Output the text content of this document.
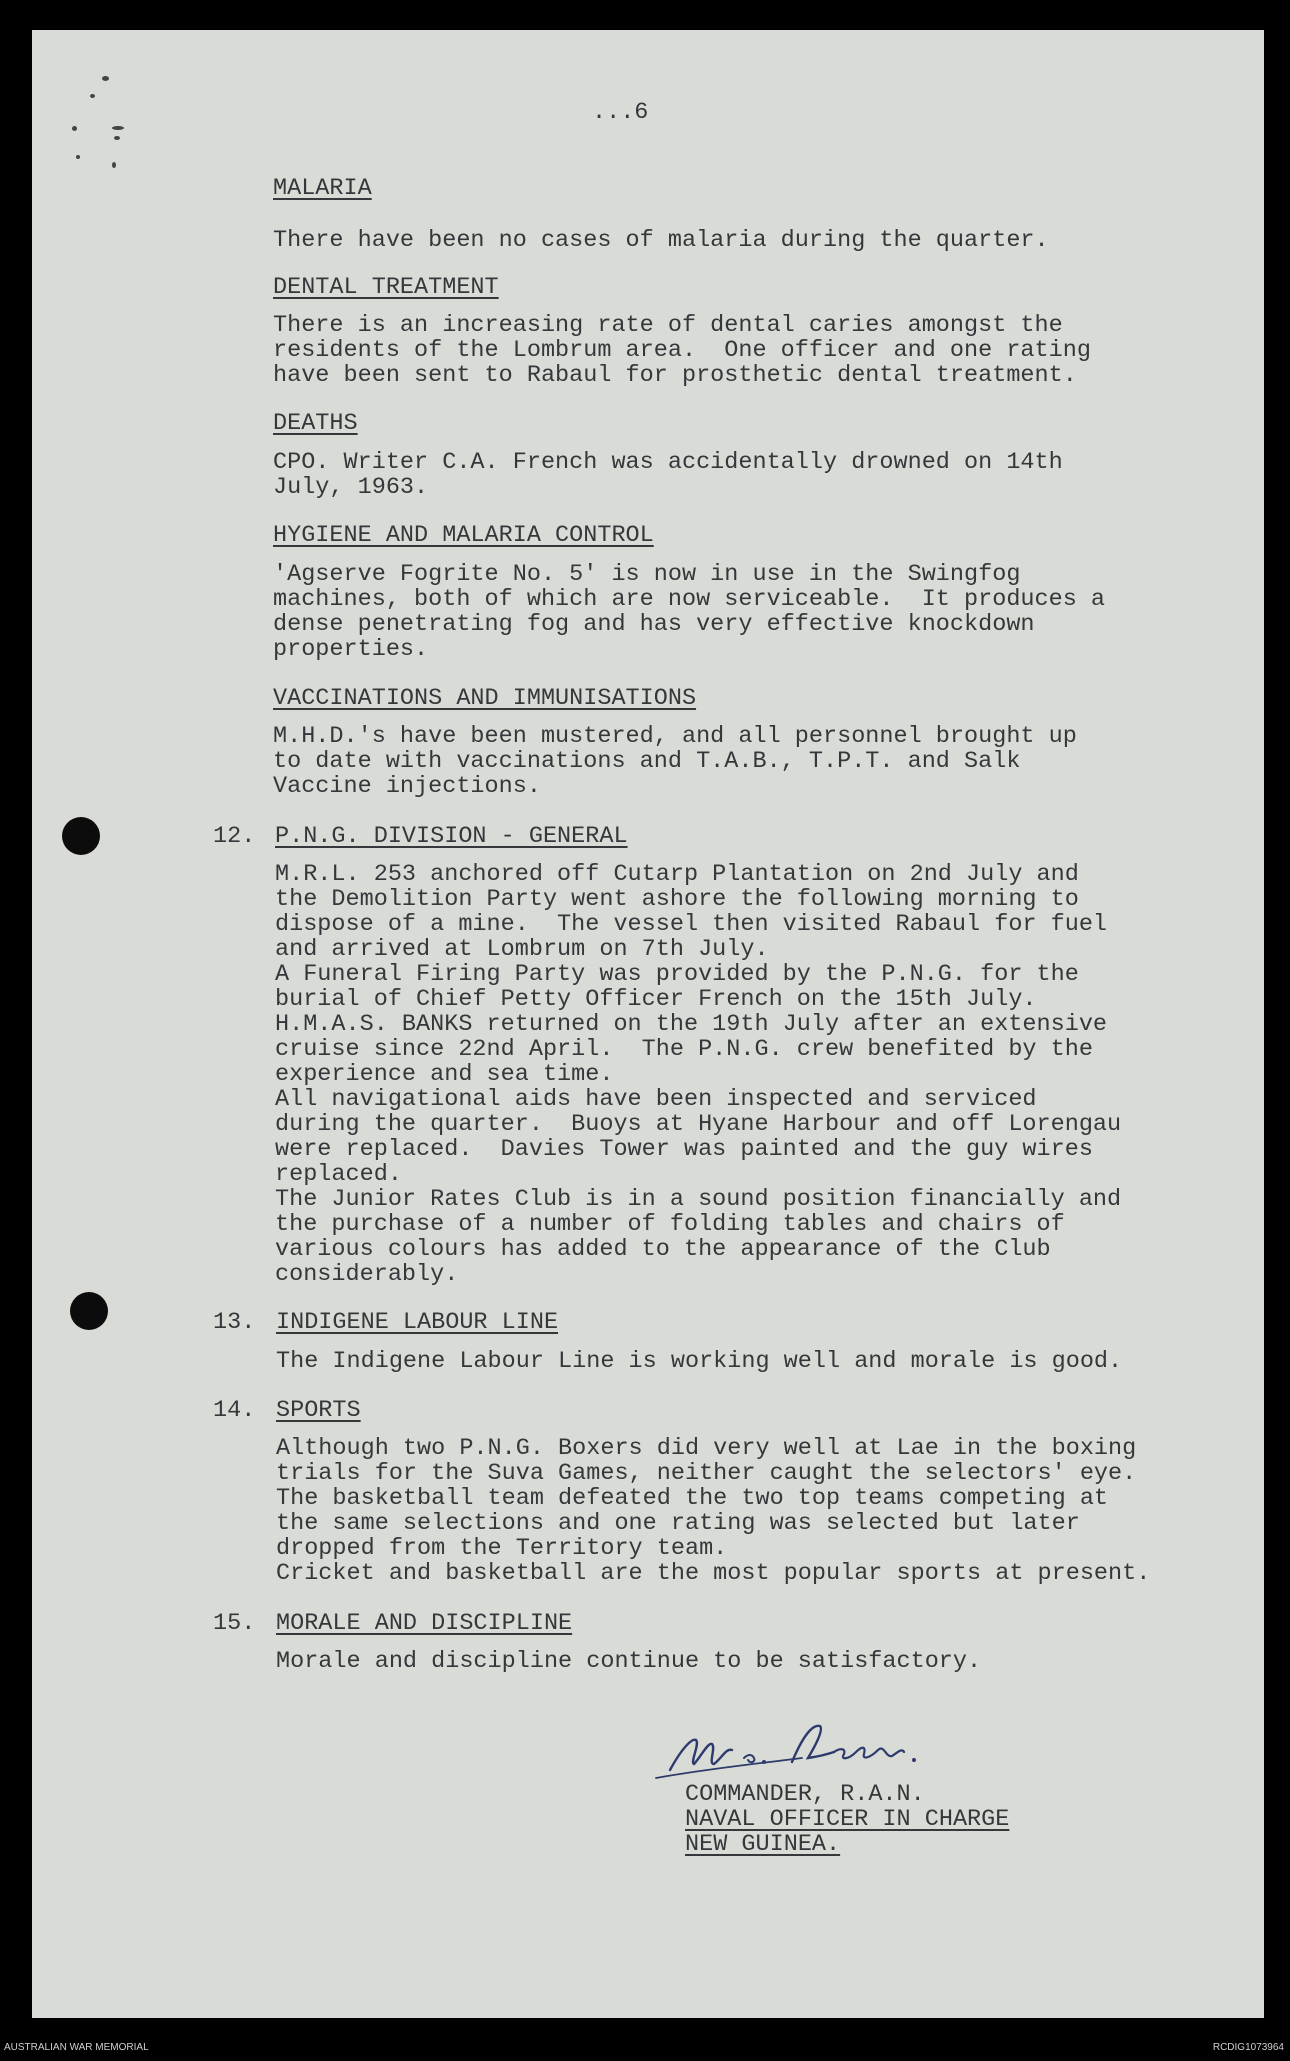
...6

MALARIA

There have been no cases of malaria during the quarter.

DENTAL TREATMENT

There is an increasing rate of dental caries amongst the

residents of the Lombrum area.  One officer and one rating

have been sent to Rabaul for prosthetic dental treatment.

DEATHS

CPO. Writer C.A. French was accidentally drowned on 14th

July, 1963.

HYGIENE AND MALARIA CONTROL

'Agserve Fogrite No. 5' is now in use in the Swingfog

machines, both of which are now serviceable.  It produces a

dense penetrating fog and has very effective knockdown

properties.

VACCINATIONS AND IMMUNISATIONS

M.H.D.'s have been mustered, and all personnel brought up

to date with vaccinations and T.A.B., T.P.T. and Salk

Vaccine injections.

12. P.N.G. DIVISION - GENERAL

M.R.L. 253 anchored off Cutarp Plantation on 2nd July and

the Demolition Party went ashore the following morning to

dispose of a mine.  The vessel then visited Rabaul for fuel

and arrived at Lombrum on 7th July.

A Funeral Firing Party was provided by the P.N.G. for the

burial of Chief Petty Officer French on the 15th July.

H.M.A.S. BANKS returned on the 19th July after an extensive

cruise since 22nd April.  The P.N.G. crew benefited by the

experience and sea time.

All navigational aids have been inspected and serviced

during the quarter.  Buoys at Hyane Harbour and off Lorengau

were replaced.  Davies Tower was painted and the guy wires

replaced.

The Junior Rates Club is in a sound position financially and

the purchase of a number of folding tables and chairs of

various colours has added to the appearance of the Club

considerably.

13. INDIGENE LABOUR LINE

The Indigene Labour Line is working well and morale is good.

14. SPORTS

Although two P.N.G. Boxers did very well at Lae in the boxing

trials for the Suva Games, neither caught the selectors' eye.

The basketball team defeated the two top teams competing at

the same selections and one rating was selected but later

dropped from the Territory team.

Cricket and basketball are the most popular sports at present.

15. MORALE AND DISCIPLINE

Morale and discipline continue to be satisfactory.

COMMANDER, R.A.N.

NAVAL OFFICER IN CHARGE

NEW GUINEA.

AUSTRALIAN WAR MEMORIAL	RCDIG1073964
